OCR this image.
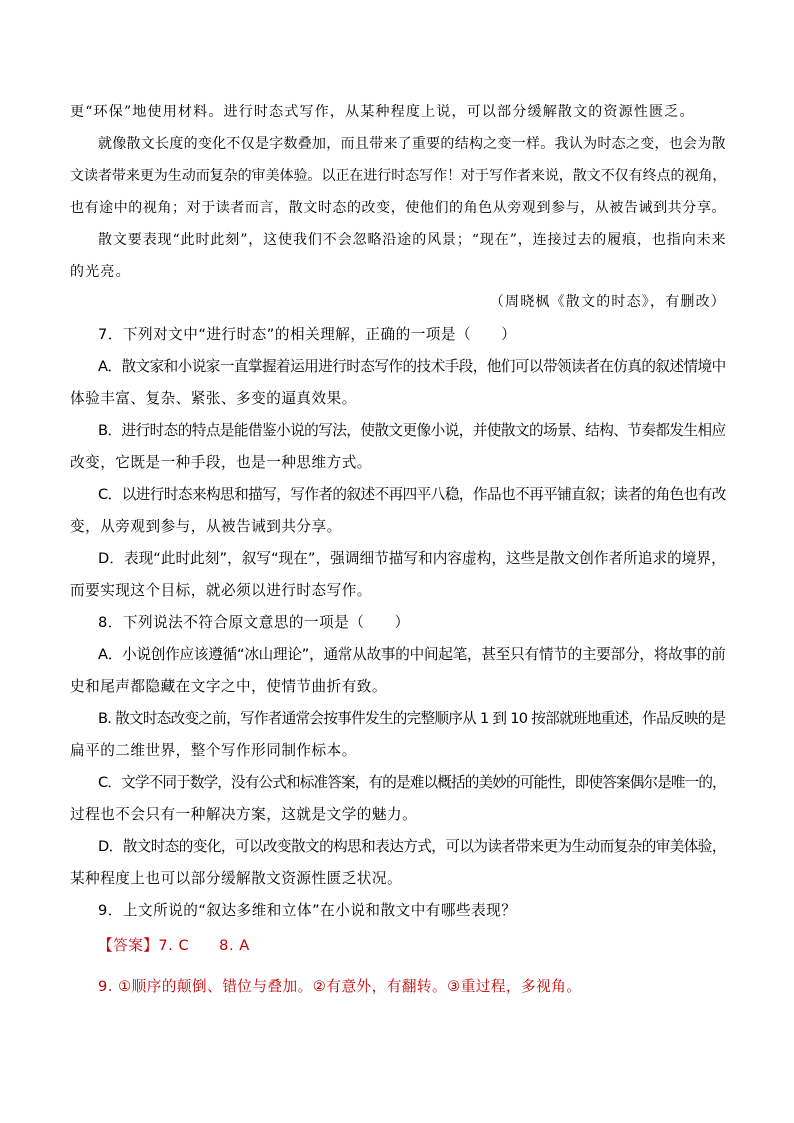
更“环保”地使用材料。进行时态式写作，从某种程度上说，可以部分缓解散文的资源性匮乏。
就像散文长度的变化不仅是字数叠加，而且带来了重要的结构之变一样。我认为时态之变，也会为散
文读者带来更为生动而复杂的审美体验。以正在进行时态写作！对于写作者来说，散文不仅有终点的视角，
也有途中的视角；对于读者而言，散文时态的改变，使他们的角色从旁观到参与，从被告诫到共分享。
散文要表现“此时此刻”，这使我们不会忽略沿途的风景；“现在”，连接过去的履痕，也指向未来
的光亮。
（周晓枫《散文的时态》，有删改）
7．下列对文中“进行时态”的相关理解，正确的一项是（　　）
A．散文家和小说家一直掌握着运用进行时态写作的技术手段，他们可以带领读者在仿真的叙述情境中
体验丰富、复杂、紧张、多变的逼真效果。
B．进行时态的特点是能借鉴小说的写法，使散文更像小说，并使散文的场景、结构、节奏都发生相应
改变，它既是一种手段，也是一种思维方式。
C．以进行时态来构思和描写，写作者的叙述不再四平八稳，作品也不再平铺直叙；读者的角色也有改
变，从旁观到参与，从被告诫到共分享。
D．表现“此时此刻”，叙写“现在”，强调细节描写和内容虚构，这些是散文创作者所追求的境界，
而要实现这个目标，就必须以进行时态写作。
8．下列说法不符合原文意思的一项是（　　）
A．小说创作应该遵循“冰山理论”，通常从故事的中间起笔，甚至只有情节的主要部分，将故事的前
史和尾声都隐藏在文字之中，使情节曲折有致。
B. 散文时态改变之前，写作者通常会按事件发生的完整顺序从 1 到 10 按部就班地重述，作品反映的是
扁平的二维世界，整个写作形同制作标本。
C．文学不同于数学，没有公式和标准答案，有的是难以概括的美妙的可能性，即使答案偶尔是唯一的，
过程也不会只有一种解决方案，这就是文学的魅力。
D．散文时态的变化，可以改变散文的构思和表达方式，可以为读者带来更为生动而复杂的审美体验，
某种程度上也可以部分缓解散文资源性匮乏状况。
9．上文所说的“叙达多维和立体”在小说和散文中有哪些表现？
【答案】7. C 8. A
9. ①顺序的颠倒、错位与叠加。②有意外，有翻转。③重过程，多视角。
